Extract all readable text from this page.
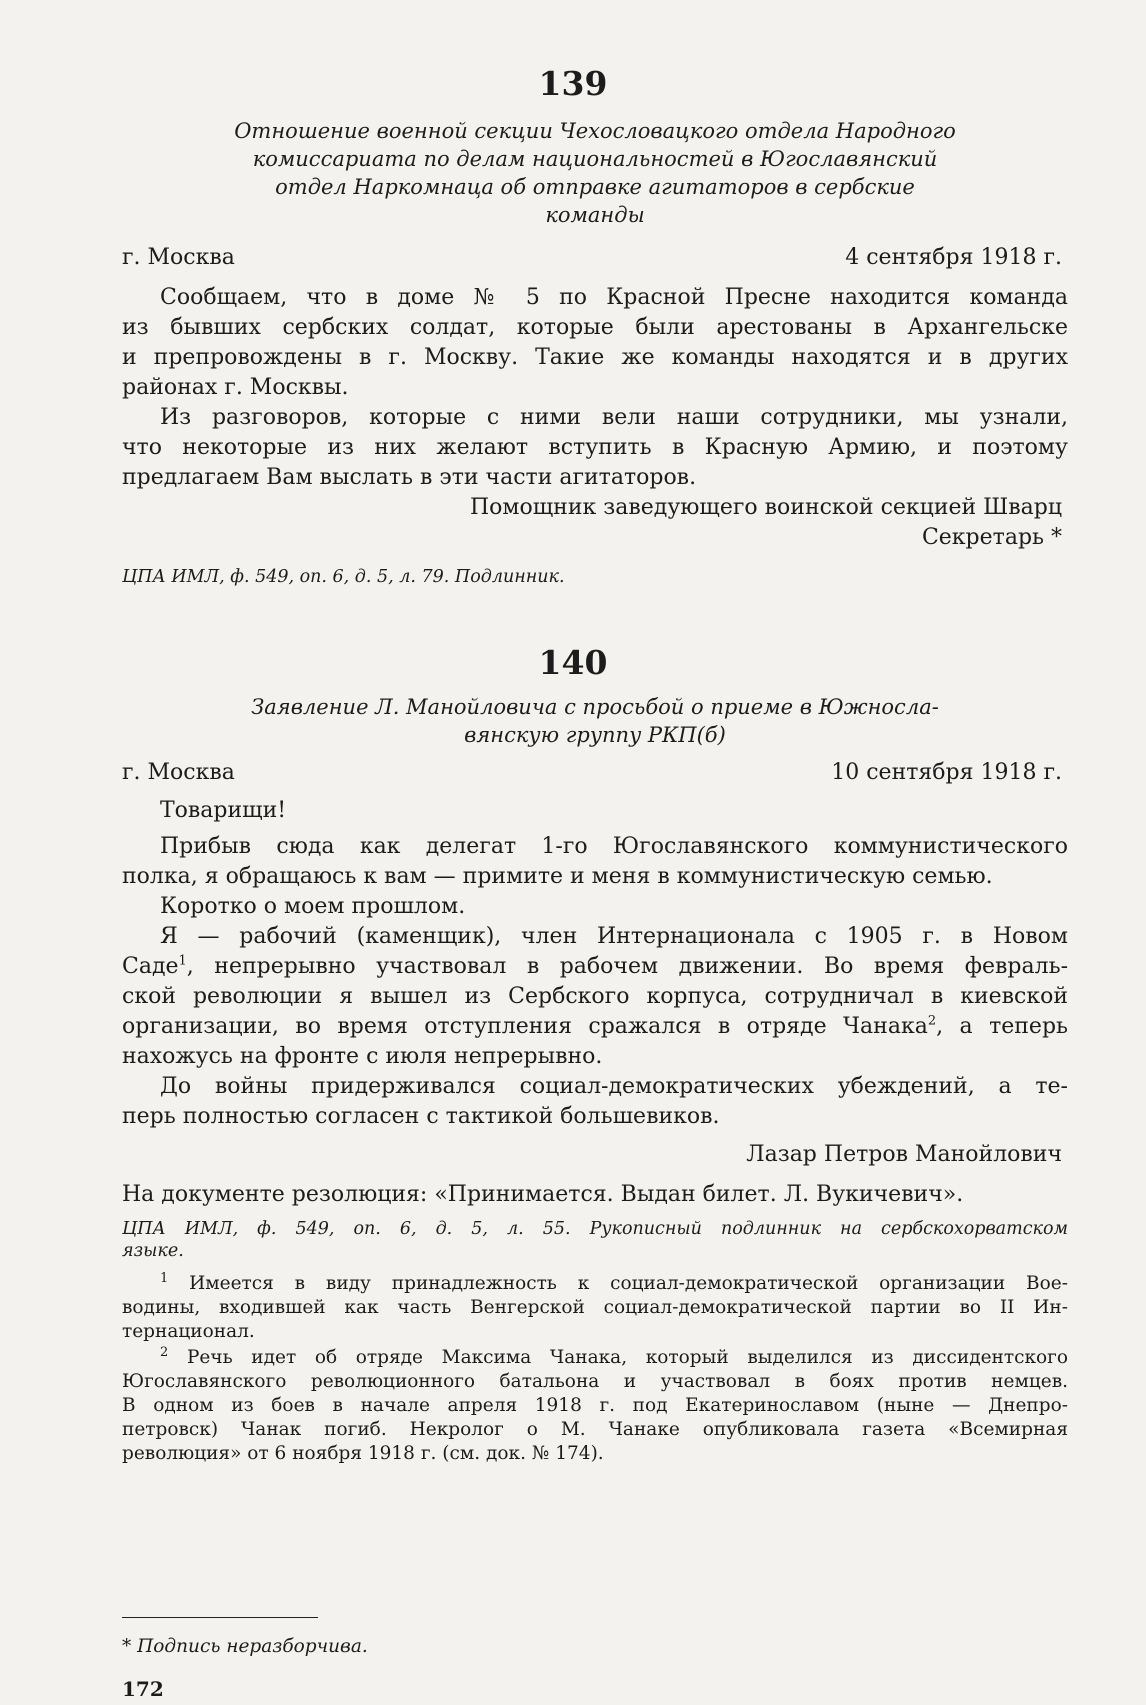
139
Отношение военной секции Чехословацкого отдела Народного
комиссариата по делам национальностей в Югославянский
отдел Наркомнаца об отправке агитаторов в сербские
команды
г. Москва	4 сентября 1918 г.
Сообщаем, что в доме № 5 по Красной Пресне находится команда
из бывших сербских солдат, которые были арестованы в Архангельске
и препровождены в г. Москву. Такие же команды находятся и в других
районах г. Москвы.
Из разговоров, которые с ними вели наши сотрудники, мы узнали,
что некоторые из них желают вступить в Красную Армию, и поэтому
предлагаем Вам выслать в эти части агитаторов.
Помощник заведующего воинской секцией Шварц
Секретарь *
ЦПА ИМЛ, ф. 549, оп. 6, д. 5, л. 79. Подлинник.
140
Заявление Л. Манойловича с просьбой о приеме в Южносла-
вянскую группу РКП(б)
г. Москва	10 сентября 1918 г.
Товарищи!
Прибыв сюда как делегат 1-го Югославянского коммунистического
полка, я обращаюсь к вам — примите и меня в коммунистическую семью.
Коротко о моем прошлом.
Я — рабочий (каменщик), член Интернационала с 1905 г. в Новом
Саде$^1$, непрерывно участвовал в рабочем движении. Во время февраль-
ской революции я вышел из Сербского корпуса, сотрудничал в киевской
организации, во время отступления сражался в отряде Чанака$^2$, а теперь
нахожусь на фронте с июля непрерывно.
До войны придерживался социал-демократических убеждений, а те-
перь полностью согласен с тактикой большевиков.
Лазар Петров Манойлович
На документе резолюция: «Принимается. Выдан билет. Л. Вукичевич».
ЦПА ИМЛ, ф. 549, оп. 6, д. 5, л. 55. Рукописный подлинник на сербскохорватском
языке.
$^1$ Имеется в виду принадлежность к социал-демократической организации Вое-
водины, входившей как часть Венгерской социал-демократической партии во II Ин-
тернационал.
$^2$ Речь идет об отряде Максима Чанака, который выделился из диссидентского
Югославянского революционного батальона и участвовал в боях против немцев.
В одном из боев в начале апреля 1918 г. под Екатеринославом (ныне — Днепро-
петровск) Чанак погиб. Некролог о М. Чанаке опубликовала газета «Всемирная
революция» от 6 ноября 1918 г. (см. док. № 174).
* Подпись неразборчива.
172
